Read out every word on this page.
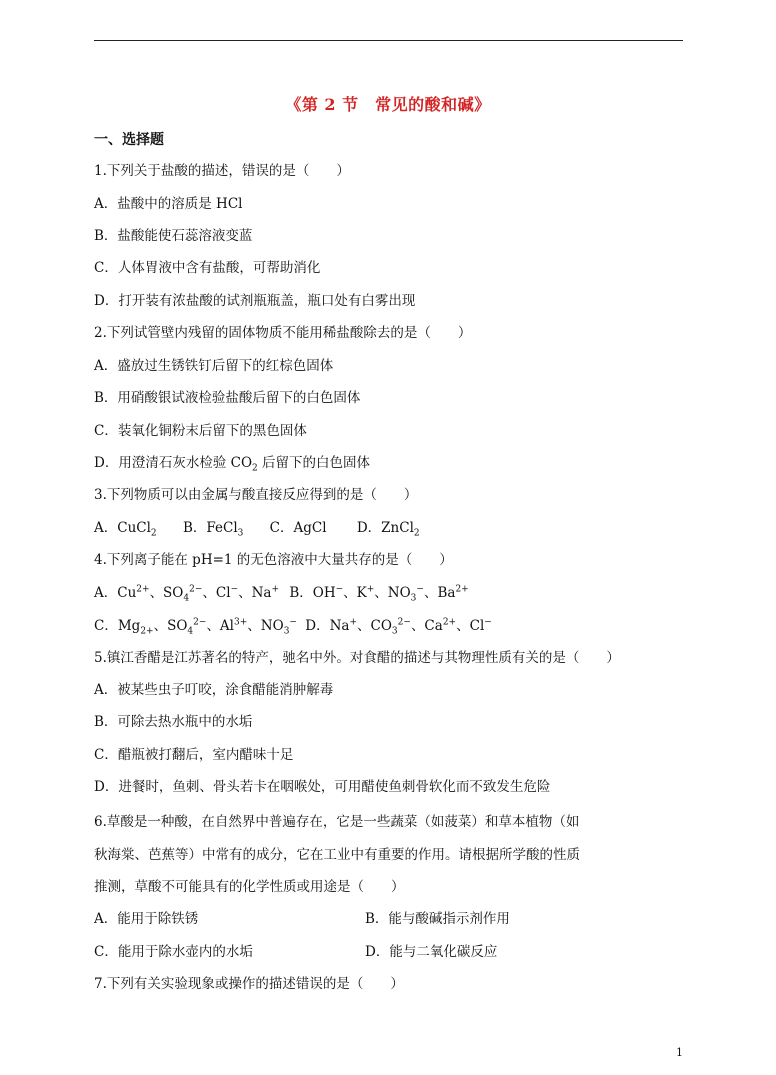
《第 2 节　常见的酸和碱》
一、选择题
1.下列关于盐酸的描述，错误的是（　　）
A．盐酸中的溶质是 HCl
B．盐酸能使石蕊溶液变蓝
C．人体胃液中含有盐酸，可帮助消化
D．打开装有浓盐酸的试剂瓶瓶盖，瓶口处有白雾出现
2.下列试管壁内残留的固体物质不能用稀盐酸除去的是（　　）
A．盛放过生锈铁钉后留下的红棕色固体
B．用硝酸银试液检验盐酸后留下的白色固体
C．装氧化铜粉末后留下的黑色固体
D．用澄清石灰水检验 $CO_2$ 后留下的白色固体
3.下列物质可以由金属与酸直接反应得到的是（　　）
A．CuCl$_2$ B．FeCl$_3$ C．AgCl D．ZnCl$_2$
4.下列离子能在 pH=1 的无色溶液中大量共存的是（　　）
A．$Cu^{2+}$、$SO_4^{2-}$、Cl−、Na+ B．OH−、K+、$NO_3^-$、$Ba^{2+}$
C．$Mg_{2+}$、$SO_4^{2-}$、$Al^{3+}$、$NO_3^-$ D．Na+、$CO_3^{2-}$、$Ca^{2+}$、Cl−
5.镇江香醋是江苏著名的特产，驰名中外。对食醋的描述与其物理性质有关的是（　　）
A．被某些虫子叮咬，涂食醋能消肿解毒
B．可除去热水瓶中的水垢
C．醋瓶被打翻后，室内醋味十足
D．进餐时，鱼刺、骨头若卡在咽喉处，可用醋使鱼刺骨软化而不致发生危险
6.草酸是一种酸，在自然界中普遍存在，它是一些蔬菜（如菠菜）和草本植物（如
秋海棠、芭蕉等）中常有的成分，它在工业中有重要的作用。请根据所学酸的性质
推测，草酸不可能具有的化学性质或用途是（　　）
A．能用于除铁锈	B．能与酸碱指示剂作用
C．能用于除水壶内的水垢	D．能与二氧化碳反应
7.下列有关实验现象或操作的描述错误的是（　　）
1
